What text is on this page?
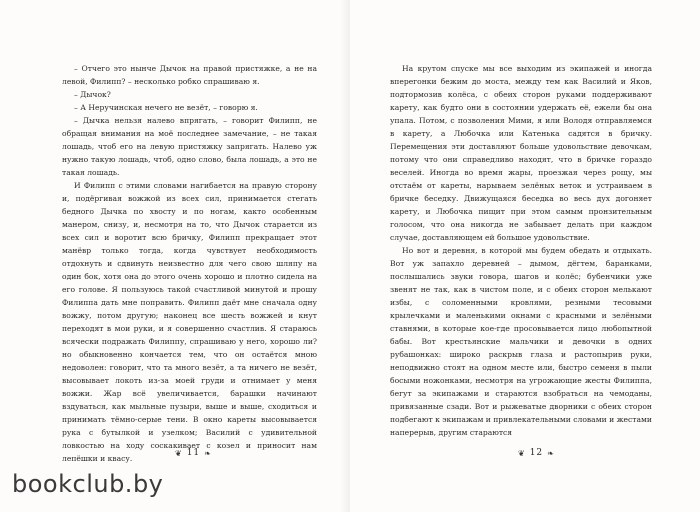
– Отчего это нынче Дычок на правой пристяжке, а не на левой, Филипп? – несколько робко спрашиваю я.

– Дычок?

– А Неручинская нечего не везёт, – говорю я.

– Дычка нельзя налево впрягать, – говорит Филипп, не обращая внимания на моё последнее замечание, – не такая лошадь, чтоб его на левую пристяжку запрягать. Налево уж нужно такую лошадь, чтоб, одно слово, была лошадь, а это не такая лошадь.

И Филипп с этими словами нагибается на правую сторону и, подёргивая вожжой из всех сил, принимается стегать бедного Дычка по хвосту и по ногам, както особенным манером, снизу, и, несмотря на то, что Дычок старается из всех сил и воротит всю бричку, Филипп прекращает этот манёвр только тогда, когда чувствует необходимость отдохнуть и сдвинуть неизвестно для чего свою шляпу на один бок, хотя она до этого очень хорошо и плотно сидела на его голове. Я пользуюсь такой счастливой минутой и прошу Филиппа дать мне поправить. Филипп даёт мне сначала одну вожжу, потом другую; наконец все шесть вожжей и кнут переходят в мои руки, и я совершенно счастлив. Я стараюсь всячески подражать Филиппу, спрашиваю у него, хорошо ли? но обыкновенно кончается тем, что он остаётся мною недоволен: говорит, что та много везёт, а та ничего не везёт, высовывает локоть из-за моей груди и отнимает у меня вожжи. Жар всё увеличивается, барашки начинают вздуваться, как мыльные пузыри, выше и выше, сходиться и принимать тёмно-серые тени. В окно кареты высовывается рука с бутылкой и узелком; Василий с удивительной ловкостью на ходу соскакивает с козел и приносит нам лепёшки и квасу.

❦ 11 ❧

На крутом спуске мы все выходим из экипажей и иногда вперегонки бежим до моста, между тем как Василий и Яков, подтормозив колёса, с обеих сторон руками поддерживают карету, как будто они в состоянии удержать её, ежели бы она упала. Потом, с позволения Мими, я или Володя отправляемся в карету, а Любочка или Катенька садятся в бричку. Перемещения эти доставляют больше удовольствие девочкам, потому что они справедливо находят, что в бричке гораздо веселей. Иногда во время жары, проезжая через рощу, мы отстаём от кареты, нарываем зелёных веток и устраиваем в бричке беседку. Движущаяся беседка во весь дух догоняет карету, и Любочка пищит при этом самым пронзительным голосом, что она никогда не забывает делать при каждом случае, доставляющем ей большое удовольствие.

Но вот и деревня, в которой мы будем обедать и отдыхать. Вот уж запахло деревней – дымом, дёгтем, баранками, послышались звуки говора, шагов и колёс; бубенчики уже звенят не так, как в чистом поле, и с обеих сторон мелькают избы, с соломенными кровлями, резными тесовыми крылечками и маленькими окнами с красными и зелёными ставнями, в которые кое-где просовывается лицо любопытной бабы. Вот крестьянские мальчики и девочки в одних рубашонках: широко раскрыв глаза и растопырив руки, неподвижно стоят на одном месте или, быстро семеня в пыли босыми ножонками, несмотря на угрожающие жесты Филиппа, бегут за экипажами и стараются взобраться на чемоданы, привязанные сзади. Вот и рыжеватые дворники с обеих сторон подбегают к экипажам и привлекательными словами и жестами наперерыв, другим стараются

❦ 12 ❧
bookclub.by
